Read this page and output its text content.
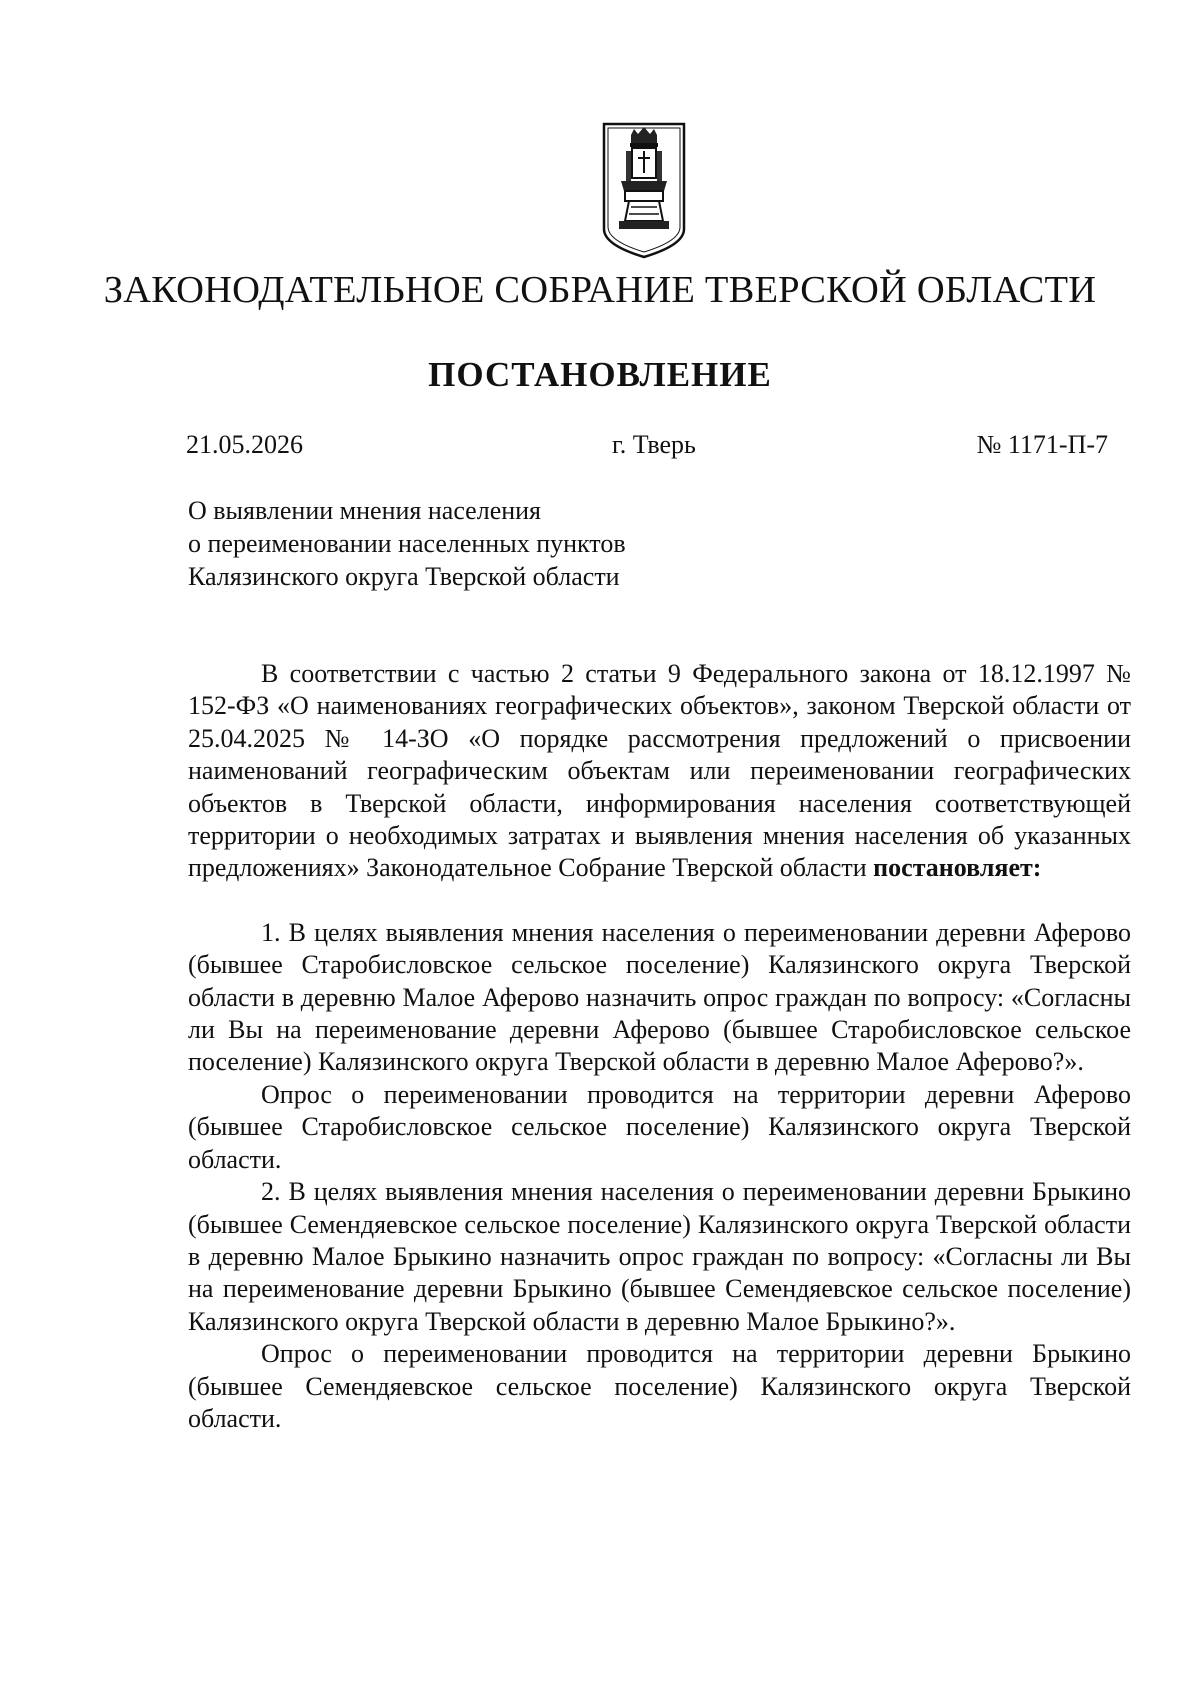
ЗАКОНОДАТЕЛЬНОЕ СОБРАНИЕ ТВЕРСКОЙ ОБЛАСТИ
ПОСТАНОВЛЕНИЕ
21.05.2026	г. Тверь	№ 1171-П-7
О выявлении мнения населения
о переименовании населенных пунктов
Калязинского округа Тверской области

В соответствии с частью 2 статьи 9 Федерального закона от 18.12.1997 № 152-ФЗ «О наименованиях географических объектов», законом Тверской области от 25.04.2025 № 14-ЗО «О порядке рассмотрения предложений о присвоении наименований географическим объектам или переименовании географических объектов в Тверской области, информирования населения соответствующей территории о необходимых затратах и выявления мнения населения об указанных предложениях» Законодательное Собрание Тверской области постановляет:

1. В целях выявления мнения населения о переименовании деревни Аферово (бывшее Старобисловское сельское поселение) Калязинского округа Тверской области в деревню Малое Аферово назначить опрос граждан по вопросу: «Согласны ли Вы на переименование деревни Аферово (бывшее Старобисловское сельское поселение) Калязинского округа Тверской области в деревню Малое Аферово?».

Опрос о переименовании проводится на территории деревни Аферово (бывшее Старобисловское сельское поселение) Калязинского округа Тверской области.

2. В целях выявления мнения населения о переименовании деревни Брыкино (бывшее Семендяевское сельское поселение) Калязинского округа Тверской области в деревню Малое Брыкино назначить опрос граждан по вопросу: «Согласны ли Вы на переименование деревни Брыкино (бывшее Семендяевское сельское поселение) Калязинского округа Тверской области в деревню Малое Брыкино?».

Опрос о переименовании проводится на территории деревни Брыкино (бывшее Семендяевское сельское поселение) Калязинского округа Тверской области.
